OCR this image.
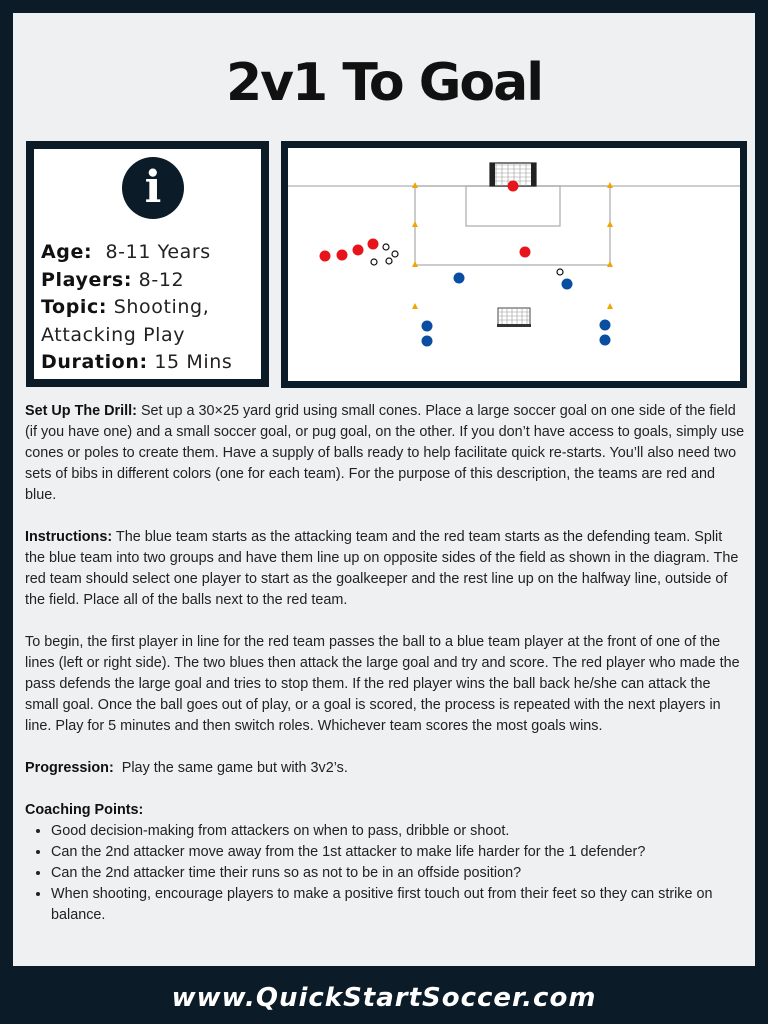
2v1 To Goal
i
Age: 8-11 Years
Players: 8-12
Topic: Shooting, Attacking Play
Duration: 15 Mins

Set Up The Drill: Set up a 30×25 yard grid using small cones. Place a large soccer goal on one side of the field (if you have one) and a small soccer goal, or pug goal, on the other. If you don’t have access to goals, simply use cones or poles to create them. Have a supply of balls ready to help facilitate quick re-starts. You’ll also need two sets of bibs in different colors (one for each team). For the purpose of this description, the teams are red and blue.

Instructions: The blue team starts as the attacking team and the red team starts as the defending team. Split the blue team into two groups and have them line up on opposite sides of the field as shown in the diagram. The red team should select one player to start as the goalkeeper and the rest line up on the halfway line, outside of the field. Place all of the balls next to the red team.

To begin, the first player in line for the red team passes the ball to a blue team player at the front of one of the lines (left or right side). The two blues then attack the large goal and try and score. The red player who made the pass defends the large goal and tries to stop them. If the red player wins the ball back he/she can attack the small goal. Once the ball goes out of play, or a goal is scored, the process is repeated with the next players in line. Play for 5 minutes and then switch roles. Whichever team scores the most goals wins.

Progression: Play the same game but with 3v2’s.

Coaching Points:
• Good decision-making from attackers on when to pass, dribble or shoot.
• Can the 2nd attacker move away from the 1st attacker to make life harder for the 1 defender?
• Can the 2nd attacker time their runs so as not to be in an offside position?
• When shooting, encourage players to make a positive first touch out from their feet so they can strike on balance.
www.QuickStartSoccer.com
